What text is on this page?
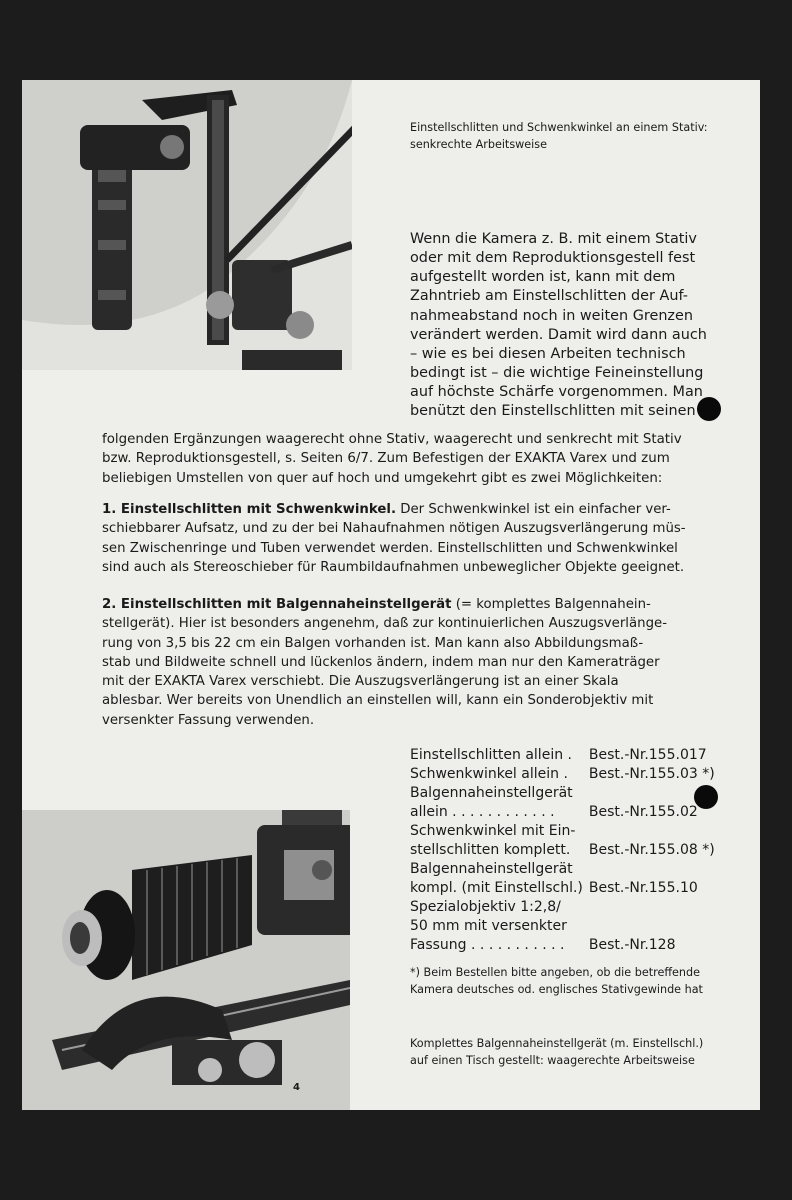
Einstellschlitten und Schwenkwinkel an einem Stativ:
senkrechte Arbeitsweise
Wenn die Kamera z. B. mit einem Stativ
oder mit dem Reproduktionsgestell fest
aufgestellt worden ist, kann mit dem
Zahntrieb am Einstellschlitten der Auf-
nahmeabstand noch in weiten Grenzen
verändert werden. Damit wird dann auch
– wie es bei diesen Arbeiten technisch
bedingt ist – die wichtige Feineinstellung
auf höchste Schärfe vorgenommen. Man
benützt den Einstellschlitten mit seinen
folgenden Ergänzungen waagerecht ohne Stativ, waagerecht und senkrecht mit Stativ
bzw. Reproduktionsgestell, s. Seiten 6/7. Zum Befestigen der EXAKTA Varex und zum
beliebigen Umstellen von quer auf hoch und umgekehrt gibt es zwei Möglichkeiten:
1. Einstellschlitten mit Schwenkwinkel. Der Schwenkwinkel ist ein einfacher ver-
schiebbarer Aufsatz, und zu der bei Nahaufnahmen nötigen Auszugsverlängerung müs-
sen Zwischenringe und Tuben verwendet werden. Einstellschlitten und Schwenkwinkel
sind auch als Stereoschieber für Raumbildaufnahmen unbeweglicher Objekte geeignet.
2. Einstellschlitten mit Balgennaheinstellgerät (= komplettes Balgennahein-
stellgerät). Hier ist besonders angenehm, daß zur kontinuierlichen Auszugsverlänge-
rung von 3,5 bis 22 cm ein Balgen vorhanden ist. Man kann also Abbildungsmaß-
stab und Bildweite schnell und lückenlos ändern, indem man nur den Kameraträger
mit der EXAKTA Varex verschiebt. Die Auszugsverlängerung ist an einer Skala
ablesbar. Wer bereits von Unendlich an einstellen will, kann ein Sonderobjektiv mit
versenkter Fassung verwenden.
Einstellschlitten allein .	Best.-Nr.155.017
Schwenkwinkel allein .	Best.-Nr.155.03 *)
Balgennaheinstellgerät	
allein . . . . . . . . . . . .	Best.-Nr.155.02
Schwenkwinkel mit Ein-	
stellschlitten komplett.	Best.-Nr.155.08 *)
Balgennaheinstellgerät	
kompl. (mit Einstellschl.)	Best.-Nr.155.10
Spezialobjektiv 1:2,8/	
50 mm mit versenkter	
Fassung . . . . . . . . . . .	Best.-Nr.128
*) Beim Bestellen bitte angeben, ob die betreffende
Kamera deutsches od. englisches Stativgewinde hat
Komplettes Balgennaheinstellgerät (m. Einstellschl.)
auf einen Tisch gestellt: waagerechte Arbeitsweise
4
